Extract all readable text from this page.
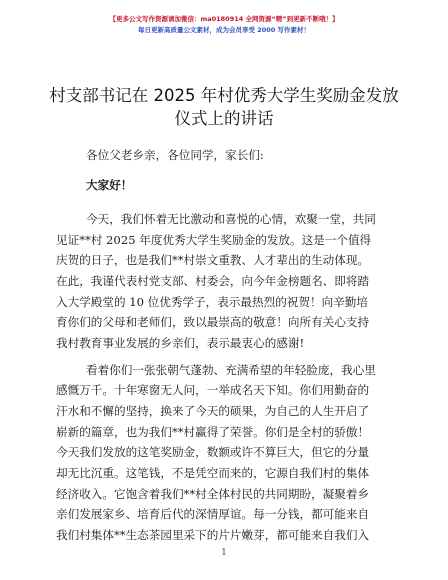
【更多公文写作资源请加微信：ma0180914 全网资源“精”到更新不断哦！】
每日更新高质量公文素材，成为会员享受 2000 写作素材！
村支部书记在 2025 年村优秀大学生奖励金发放
仪式上的讲话
各位父老乡亲，各位同学，家长们:
大家好！
今天，我们怀着无比激动和喜悦的心情，欢聚一堂，共同
见证**村 2025 年度优秀大学生奖励金的发放。这是一个值得
庆贺的日子，也是我们**村崇文重教、人才辈出的生动体现。
在此，我谨代表村党支部、村委会，向今年金榜题名、即将踏
入大学殿堂的 10 位优秀学子，表示最热烈的祝贺！向辛勤培
育你们的父母和老师们，致以最崇高的敬意！向所有关心支持
我村教育事业发展的乡亲们，表示最衷心的感谢!
看着你们一张张朝气蓬勃、充满希望的年轻脸庞，我心里
感慨万千。十年寒窗无人问，一举成名天下知。你们用勤奋的
汗水和不懈的坚持，换来了今天的硕果，为自己的人生开启了
崭新的篇章，也为我们**村赢得了荣誉。你们是全村的骄傲！
今天我们发放的这笔奖励金，数额或许不算巨大，但它的分量
却无比沉重。这笔钱，不是凭空而来的，它源自我们村的集体
经济收入。它饱含着我们**村全体村民的共同期盼，凝聚着乡
亲们发展家乡、培育后代的深情厚谊。每一分钱，都可能来自
我们村集体**生态茶园里采下的片片嫩芽，都可能来自我们入
1
